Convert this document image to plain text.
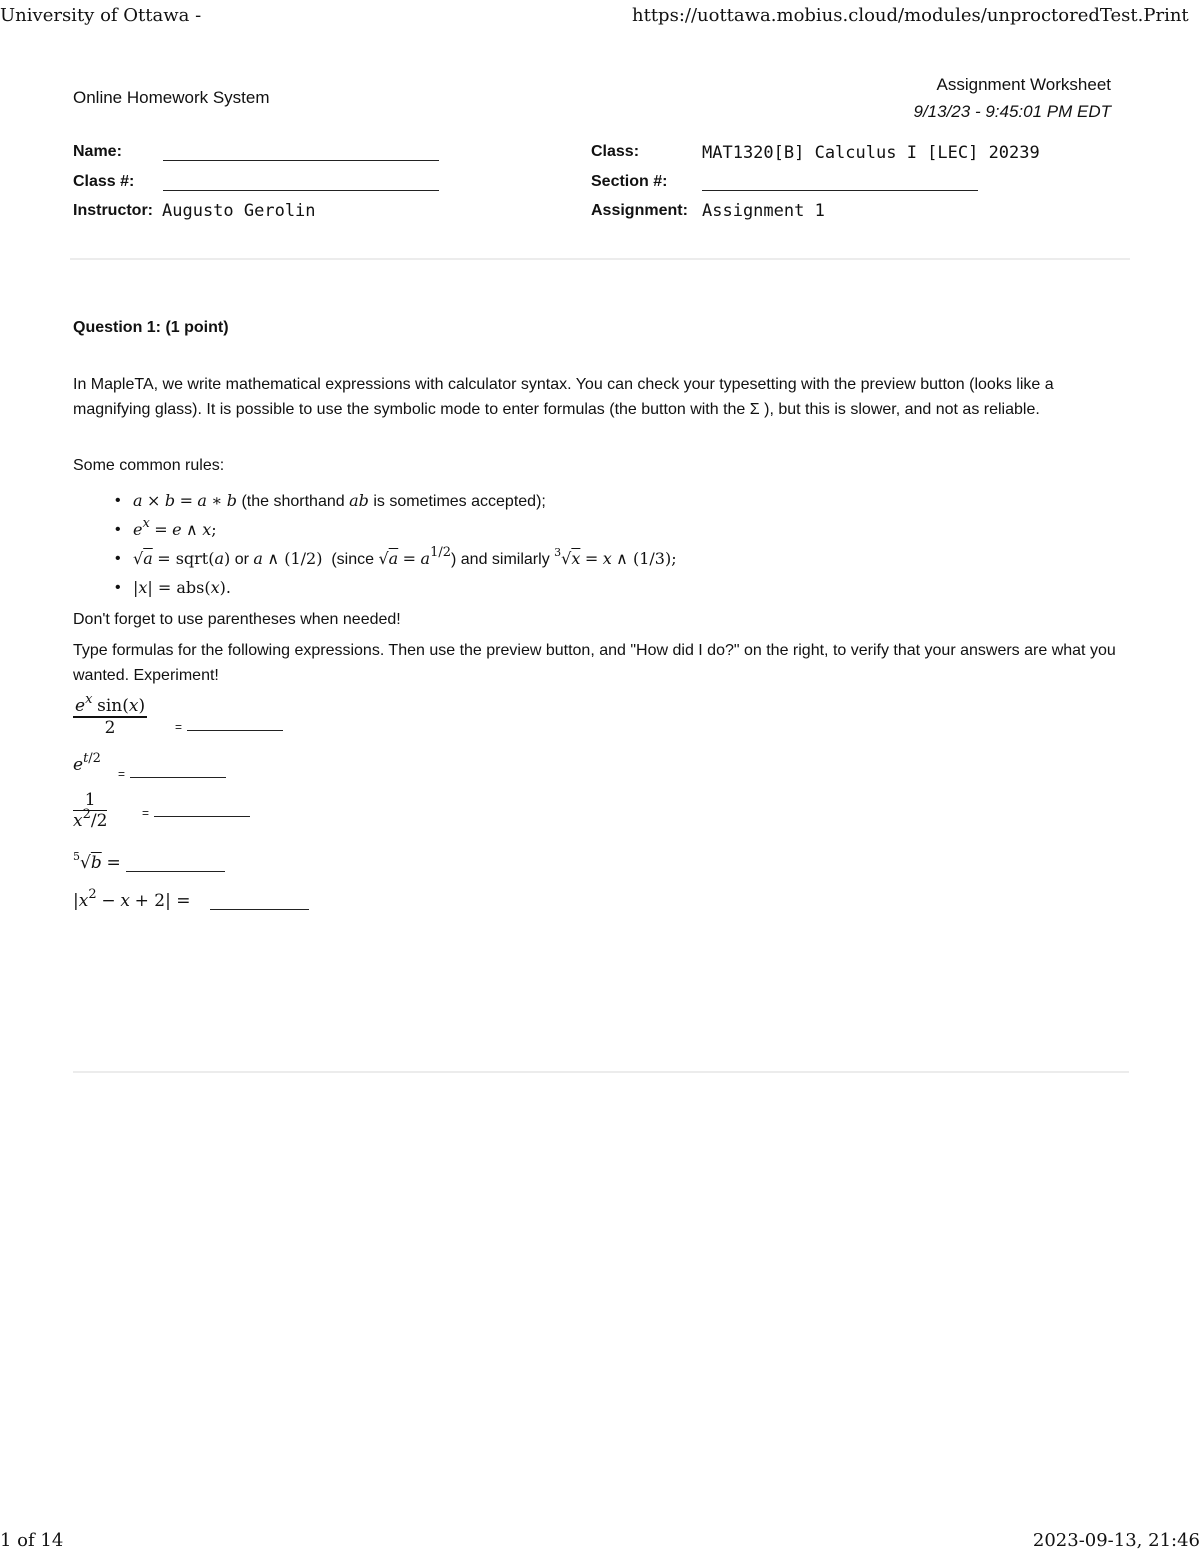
University of Ottawa -	https://uottawa.mobius.cloud/modules/unproctoredTest.Print
1 of 14	2023-09-13, 21:46
Online Homework System
Assignment Worksheet
9/13/23 - 9:45:01 PM EDT
Name:
Class #:
Instructor: Augusto Gerolin
Class:	MAT1320[B] Calculus I [LEC] 20239
Section #:
Assignment: Assignment 1
Question 1: (1 point)
In MapleTA, we write mathematical expressions with calculator syntax. You can check your typesetting with the preview button (looks like a magnifying glass). It is possible to use the symbolic mode to enter formulas (the button with the Σ ), but this is slower, and not as reliable.
Some common rules:
• a × b = a ∗ b (the shorthand ab is sometimes accepted);
• $e^x = e$ ∧ x;
• √a = sqrt(a) or a ∧ (1/2) (since $√a = a^{1/2}$) and similarly $^3$√x = x ∧ (1/3);
• |x| = abs(x).
Don't forget to use parentheses when needed!
Type formulas for the following expressions. Then use the preview button, and "How did I do?" on the right, to verify that your answers are what you wanted. Experiment!
$\frac{e^x \sin(x)}{2}$ =
$e^{t/2}$
=
$\frac{1}{x^2/2}$	=
$^5$√b =
$|x^2 - x + 2|$ =
